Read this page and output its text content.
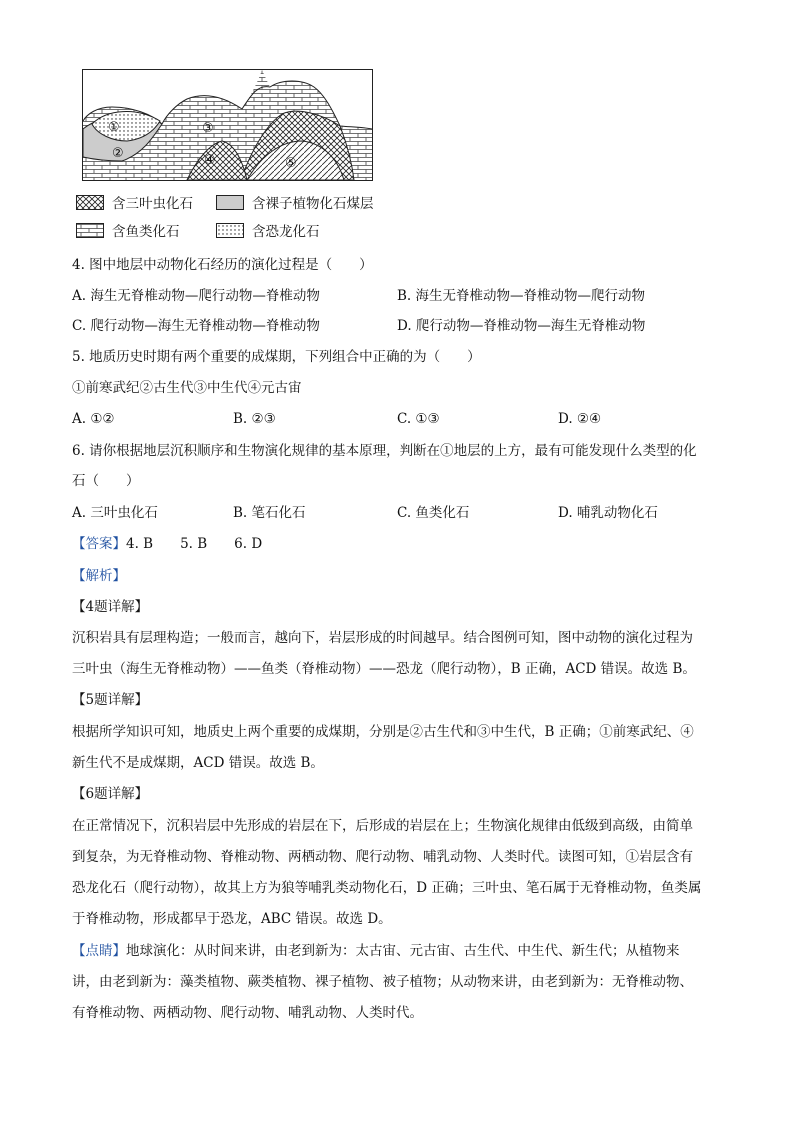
①
②
③
④	⑤
含三叶虫化石	含裸子植物化石煤层
含鱼类化石	含恐龙化石
4. 图中地层中动物化石经历的演化过程是（　　）
A. 海生无脊椎动物—爬行动物—脊椎动物	B. 海生无脊椎动物—脊椎动物—爬行动物
C. 爬行动物—海生无脊椎动物—脊椎动物	D. 爬行动物—脊椎动物—海生无脊椎动物
5. 地质历史时期有两个重要的成煤期，下列组合中正确的为（　　）
①前寒武纪②古生代③中生代④元古宙
A. ①②	B. ②③	C. ①③	D. ②④
6. 请你根据地层沉积顺序和生物演化规律的基本原理，判断在①地层的上方，最有可能发现什么类型的化
石（　　）
A. 三叶虫化石	B. 笔石化石	C. 鱼类化石	D. 哺乳动物化石
【答案】4. B　　5. B　　6. D
【解析】
【4题详解】
沉积岩具有层理构造；一般而言，越向下，岩层形成的时间越早。结合图例可知，图中动物的演化过程为
三叶虫（海生无脊椎动物）——鱼类（脊椎动物）——恐龙（爬行动物），B 正确，ACD 错误。故选 B。
【5题详解】
根据所学知识可知，地质史上两个重要的成煤期，分别是②古生代和③中生代，B 正确；①前寒武纪、④
新生代不是成煤期，ACD 错误。故选 B。
【6题详解】
在正常情况下，沉积岩层中先形成的岩层在下，后形成的岩层在上；生物演化规律由低级到高级，由简单
到复杂，为无脊椎动物、脊椎动物、两栖动物、爬行动物、哺乳动物、人类时代。读图可知，①岩层含有
恐龙化石（爬行动物），故其上方为狼等哺乳类动物化石，D 正确；三叶虫、笔石属于无脊椎动物，鱼类属
于脊椎动物，形成都早于恐龙，ABC 错误。故选 D。
【点睛】地球演化：从时间来讲，由老到新为：太古宙、元古宙、古生代、中生代、新生代；从植物来
讲，由老到新为：藻类植物、蕨类植物、裸子植物、被子植物；从动物来讲，由老到新为：无脊椎动物、
有脊椎动物、两栖动物、爬行动物、哺乳动物、人类时代。
